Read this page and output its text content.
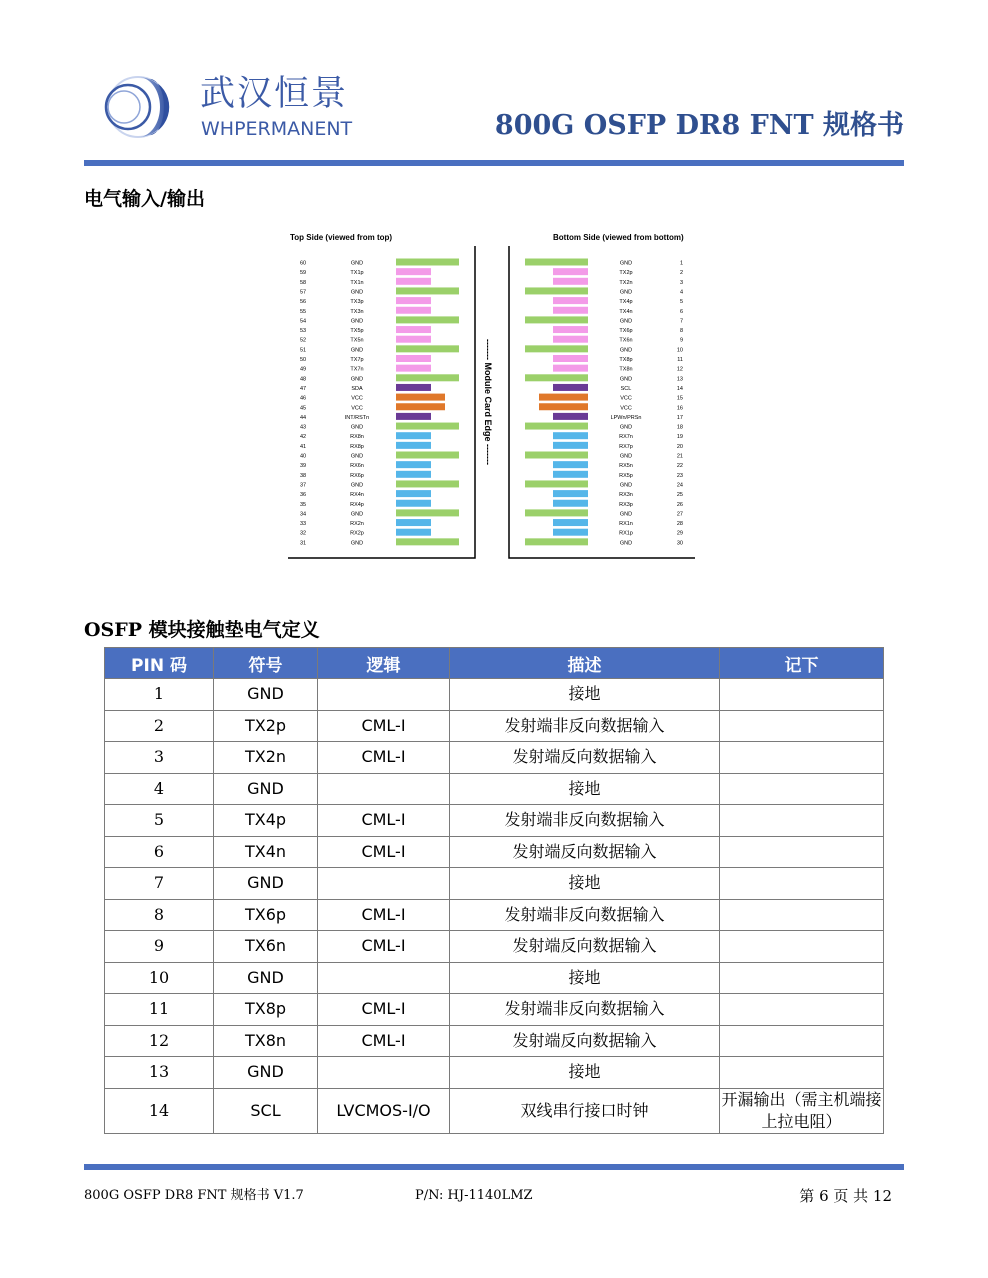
武汉恒景
WHPERMANENT	800G OSFP DR8 FNT 规格书
电气输入/输出
Top Side (viewed from top)	Bottom Side (viewed from bottom)
------- Module Card Edge -------
60	GND
59	TX1p
58	TX1n
57	GND
56	TX3p
55	TX3n
54	GND
53	TX5p
52	TX5n
51	GND
50	TX7p
49	TX7n
48	GND
47	SDA
46	VCC
45	VCC
44	INT/RSTn
43	GND
42	RX8n
41	RX8p
40	GND
39	RX6n
38	RX6p
37	GND
36	RX4n
35	RX4p
34	GND
33	RX2n
32	RX2p
31	GND
GND	1
TX2p	2
TX2n	3
GND	4
TX4p	5
TX4n	6
GND	7
TX6p	8
TX6n	9
GND	10
TX8p	11
TX8n	12
GND	13
SCL	14
VCC	15
VCC	16
LPWn/PRSn	17
GND	18
RX7n	19
RX7p	20
GND	21
RX5n	22
RX5p	23
GND	24
RX3n	25
RX3p	26
GND	27
RX1n	28
RX1p	29
GND	30
OSFP 模块接触垫电气定义
PIN 码	符号	逻辑	描述	记下
1	GND		接地	
2	TX2p	CML-I	发射端非反向数据输入	
3	TX2n	CML-I	发射端反向数据输入	
4	GND		接地	
5	TX4p	CML-I	发射端非反向数据输入	
6	TX4n	CML-I	发射端反向数据输入	
7	GND		接地	
8	TX6p	CML-I	发射端非反向数据输入	
9	TX6n	CML-I	发射端反向数据输入	
10	GND		接地	
11	TX8p	CML-I	发射端非反向数据输入	
12	TX8n	CML-I	发射端反向数据输入	
13	GND		接地	
14	SCL	LVCMOS-I/O	双线串行接口时钟	开漏输出（需主机端接上拉电阻）
800G OSFP DR8 FNT 规格书 V1.7	P/N: HJ-1140LMZ	第 6 页 共 12
